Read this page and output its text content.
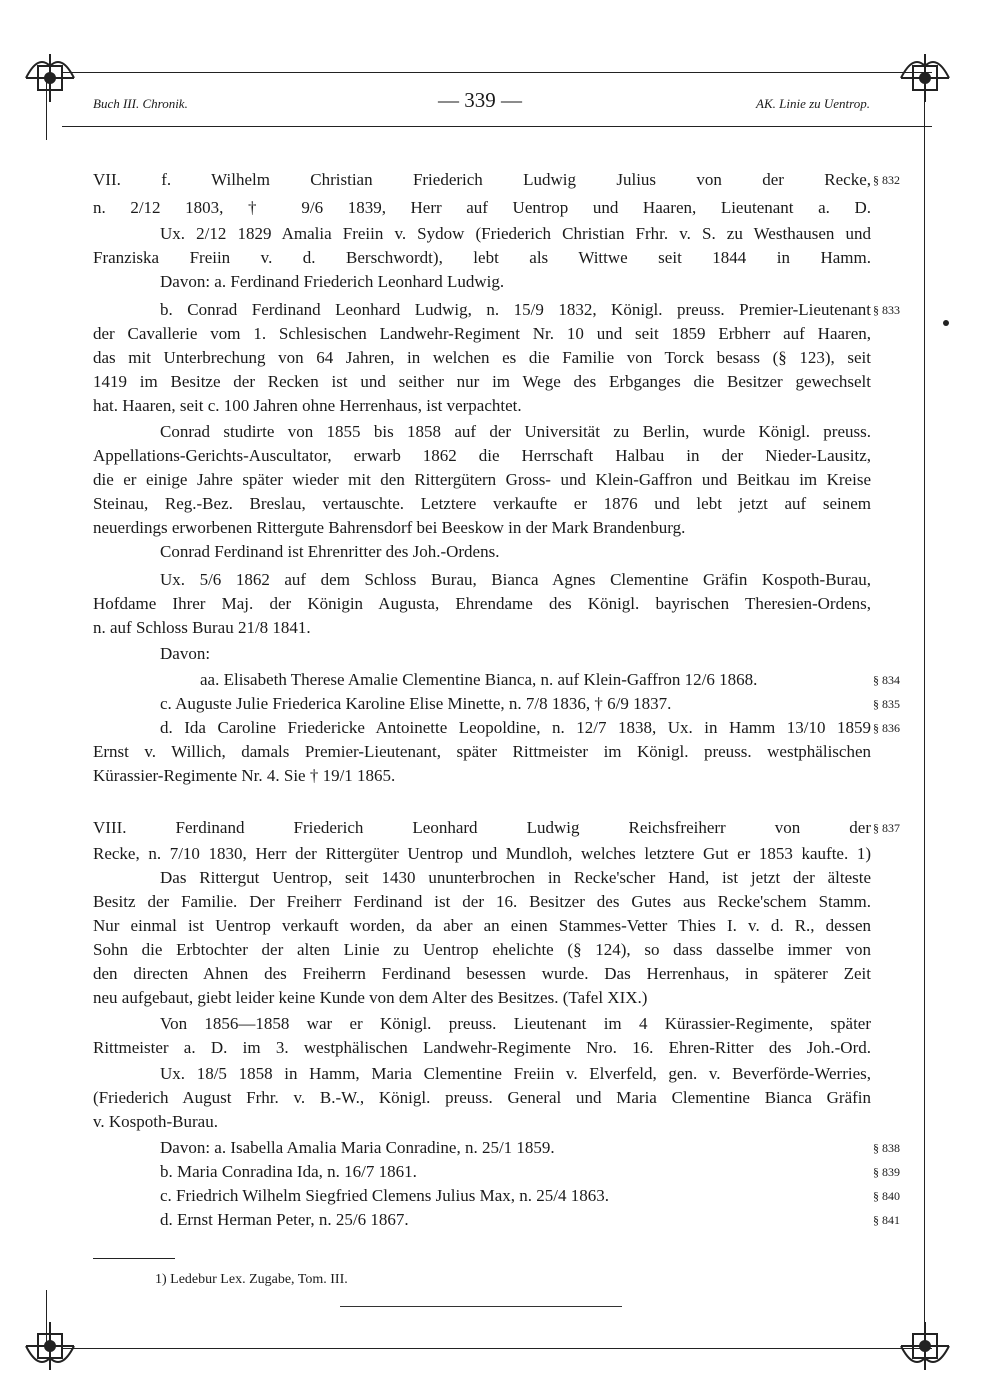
Buch III. Chronik.	— 339 —	AK. Linie zu Uentrop.
VII. f. Wilhelm Christian Friederich Ludwig Julius von der Recke, § 832
n. 2/12 1803, † 9/6 1839, Herr auf Uentrop und Haaren, Lieutenant a. D.
Ux. 2/12 1829 Amalia Freiin v. Sydow (Friederich Christian Frhr. v. S. zu Westhausen und
Franziska Freiin v. d. Berschwordt), lebt als Wittwe seit 1844 in Hamm.
Davon: a. Ferdinand Friederich Leonhard Ludwig.
b. Conrad Ferdinand Leonhard Ludwig, n. 15/9 1832, Königl. preuss. Premier-Lieutenant § 833
der Cavallerie vom 1. Schlesischen Landwehr-Regiment Nr. 10 und seit 1859 Erbherr auf Haaren,
das mit Unterbrechung von 64 Jahren, in welchen es die Familie von Torck besass (§ 123), seit
1419 im Besitze der Recken ist und seither nur im Wege des Erbganges die Besitzer gewechselt
hat. Haaren, seit c. 100 Jahren ohne Herrenhaus, ist verpachtet.
Conrad studirte von 1855 bis 1858 auf der Universität zu Berlin, wurde Königl. preuss.
Appellations-Gerichts-Auscultator, erwarb 1862 die Herrschaft Halbau in der Nieder-Lausitz,
die er einige Jahre später wieder mit den Rittergütern Gross- und Klein-Gaffron und Beitkau im Kreise
Steinau, Reg.-Bez. Breslau, vertauschte. Letztere verkaufte er 1876 und lebt jetzt auf seinem
neuerdings erworbenen Rittergute Bahrensdorf bei Beeskow in der Mark Brandenburg.
Conrad Ferdinand ist Ehrenritter des Joh.-Ordens.
Ux. 5/6 1862 auf dem Schloss Burau, Bianca Agnes Clementine Gräfin Kospoth-Burau,
Hofdame Ihrer Maj. der Königin Augusta, Ehrendame des Königl. bayrischen Theresien-Ordens,
n. auf Schloss Burau 21/8 1841.
Davon:
aa. Elisabeth Therese Amalie Clementine Bianca, n. auf Klein-Gaffron 12/6 1868.	§ 834
c. Auguste Julie Friederica Karoline Elise Minette, n. 7/8 1836, † 6/9 1837.	§ 835
d. Ida Caroline Friedericke Antoinette Leopoldine, n. 12/7 1838, Ux. in Hamm 13/10 1859 § 836
Ernst v. Willich, damals Premier-Lieutenant, später Rittmeister im Königl. preuss. westphälischen
Kürassier-Regimente Nr. 4. Sie † 19/1 1865.
VIII. Ferdinand Friederich Leonhard Ludwig Reichsfreiherr von der § 837
Recke, n. 7/10 1830, Herr der Rittergüter Uentrop und Mundloh, welches letztere Gut er 1853 kaufte. 1)
Das Rittergut Uentrop, seit 1430 ununterbrochen in Recke'scher Hand, ist jetzt der älteste
Besitz der Familie. Der Freiherr Ferdinand ist der 16. Besitzer des Gutes aus Recke'schem Stamm.
Nur einmal ist Uentrop verkauft worden, da aber an einen Stammes-Vetter Thies I. v. d. R., dessen
Sohn die Erbtochter der alten Linie zu Uentrop ehelichte (§ 124), so dass dasselbe immer von
den directen Ahnen des Freiherrn Ferdinand besessen wurde. Das Herrenhaus, in späterer Zeit
neu aufgebaut, giebt leider keine Kunde von dem Alter des Besitzes. (Tafel XIX.)
Von 1856—1858 war er Königl. preuss. Lieutenant im 4 Kürassier-Regimente, später
Rittmeister a. D. im 3. westphälischen Landwehr-Regimente Nro. 16. Ehren-Ritter des Joh.-Ord.
Ux. 18/5 1858 in Hamm, Maria Clementine Freiin v. Elverfeld, gen. v. Beverförde-Werries,
(Friederich August Frhr. v. B.-W., Königl. preuss. General und Maria Clementine Bianca Gräfin
v. Kospoth-Burau.
Davon: a. Isabella Amalia Maria Conradine, n. 25/1 1859.	§ 838
b. Maria Conradina Ida, n. 16/7 1861.	§ 839
c. Friedrich Wilhelm Siegfried Clemens Julius Max, n. 25/4 1863.	§ 840
d. Ernst Herman Peter, n. 25/6 1867.	§ 841
1) Ledebur Lex. Zugabe, Tom. III.
